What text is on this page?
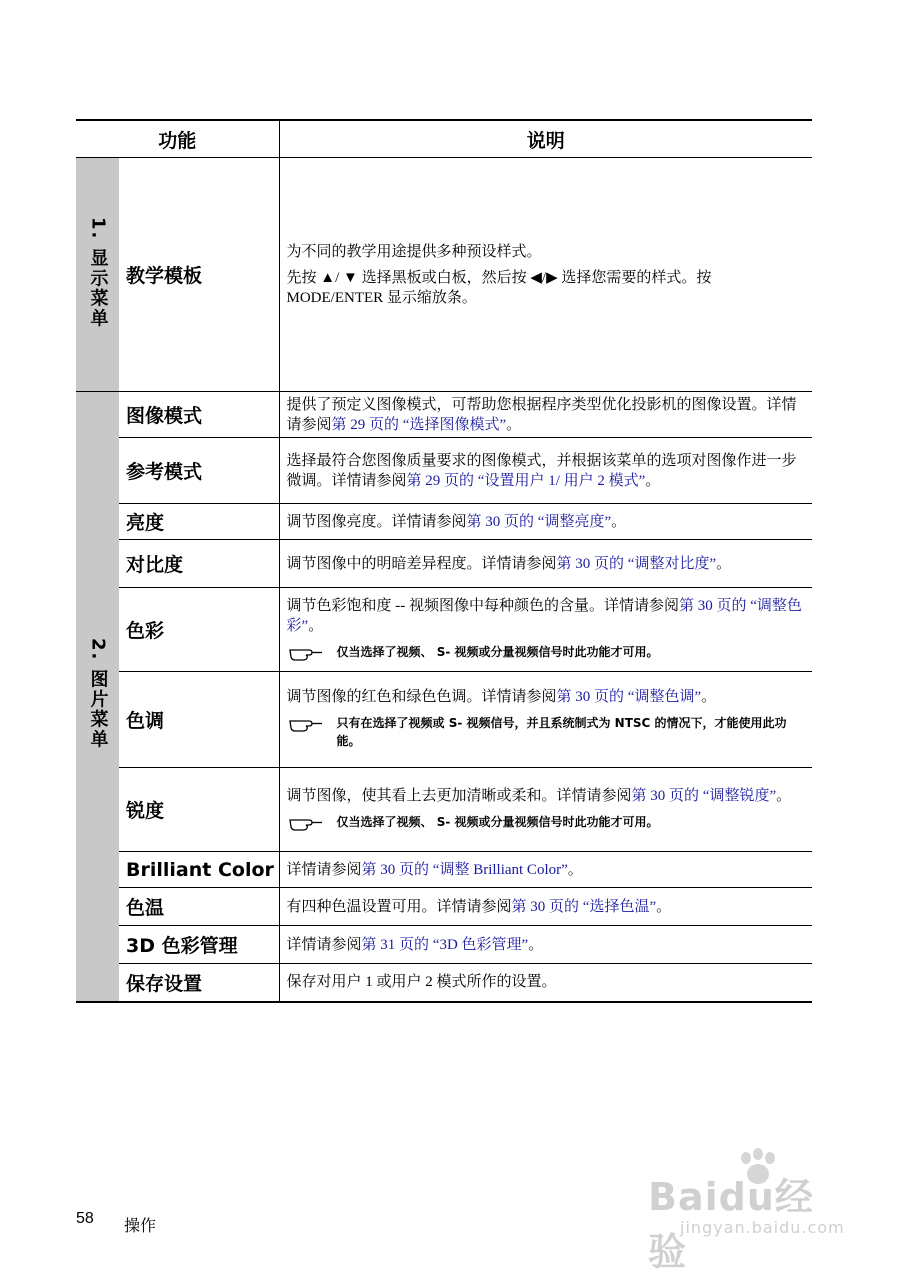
功能		说明
1. 显示菜单	教学模板	为不同的教学用途提供多种预设样式。
先按 ▲/ ▼ 选择黑板或白板，然后按 ◀/▶ 选择您需要的样式。按 MODE/ENTER 显示缩放条。

2. 图片菜单	图像模式	提供了预定义图像模式，可帮助您根据程序类型优化投影机的图像设置。详情请参阅第 29 页的 “选择图像模式”。
	参考模式	选择最符合您图像质量要求的图像模式，并根据该菜单的选项对图像作进一步微调。详情请参阅第 29 页的 “设置用户 1/ 用户 2 模式”。
	亮度	调节图像亮度。详情请参阅第 30 页的 “调整亮度”。
	对比度	调节图像中的明暗差异程度。详情请参阅第 30 页的 “调整对比度”。
	色彩	调节色彩饱和度 -- 视频图像中每种颜色的含量。详情请参阅第 30 页的 “调整色彩”。
仅当选择了视频、 S- 视频或分量视频信号时此功能才可用。

	色调	调节图像的红色和绿色色调。详情请参阅第 30 页的 “调整色调”。
只有在选择了视频或 S- 视频信号，并且系统制式为 NTSC 的情况下，才能使用此功能。

	锐度	调节图像，使其看上去更加清晰或柔和。详情请参阅第 30 页的 “调整锐度”。
仅当选择了视频、 S- 视频或分量视频信号时此功能才可用。

	Brilliant Color	详情请参阅第 30 页的 “调整 Brilliant Color”。
	色温	有四种色温设置可用。详情请参阅第 30 页的 “选择色温”。
	3D 色彩管理	详情请参阅第 31 页的 “3D 色彩管理”。
	保存设置	保存对用户 1 或用户 2 模式所作的设置。
58 操作
Baidu经验
jingyan.baidu.com
